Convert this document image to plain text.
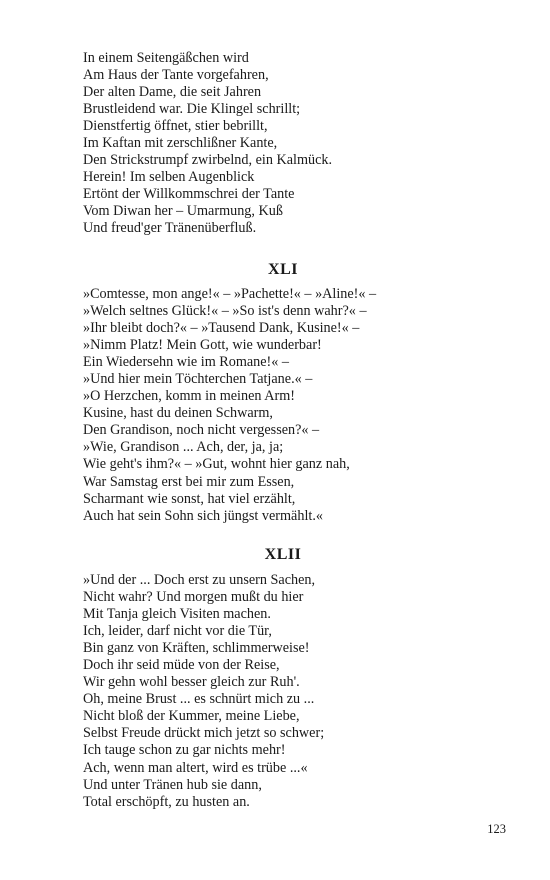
In einem Seitengäßchen wird
Am Haus der Tante vorgefahren,
Der alten Dame, die seit Jahren
Brustleidend war. Die Klingel schrillt;
Dienstfertig öffnet, stier bebrillt,
Im Kaftan mit zerschlißner Kante,
Den Strickstrumpf zwirbelnd, ein Kalmück.
Herein! Im selben Augenblick
Ertönt der Willkommschrei der Tante
Vom Diwan her – Umarmung, Kuß
Und freud'ger Tränenüberfluß.
XLI
»Comtesse, mon ange!« – »Pachette!« – »Aline!« –
»Welch seltnes Glück!« – »So ist's denn wahr?« –
»Ihr bleibt doch?« – »Tausend Dank, Kusine!« –
»Nimm Platz! Mein Gott, wie wunderbar!
Ein Wiedersehn wie im Romane!« –
»Und hier mein Töchterchen Tatjane.« –
»O Herzchen, komm in meinen Arm!
Kusine, hast du deinen Schwarm,
Den Grandison, noch nicht vergessen?« –
»Wie, Grandison ... Ach, der, ja, ja;
Wie geht's ihm?« – »Gut, wohnt hier ganz nah,
War Samstag erst bei mir zum Essen,
Scharmant wie sonst, hat viel erzählt,
Auch hat sein Sohn sich jüngst vermählt.«
XLII
»Und der ... Doch erst zu unsern Sachen,
Nicht wahr? Und morgen mußt du hier
Mit Tanja gleich Visiten machen.
Ich, leider, darf nicht vor die Tür,
Bin ganz von Kräften, schlimmerweise!
Doch ihr seid müde von der Reise,
Wir gehn wohl besser gleich zur Ruh'.
Oh, meine Brust ... es schnürt mich zu ...
Nicht bloß der Kummer, meine Liebe,
Selbst Freude drückt mich jetzt so schwer;
Ich tauge schon zu gar nichts mehr!
Ach, wenn man altert, wird es trübe ...«
Und unter Tränen hub sie dann,
Total erschöpft, zu husten an.
123
